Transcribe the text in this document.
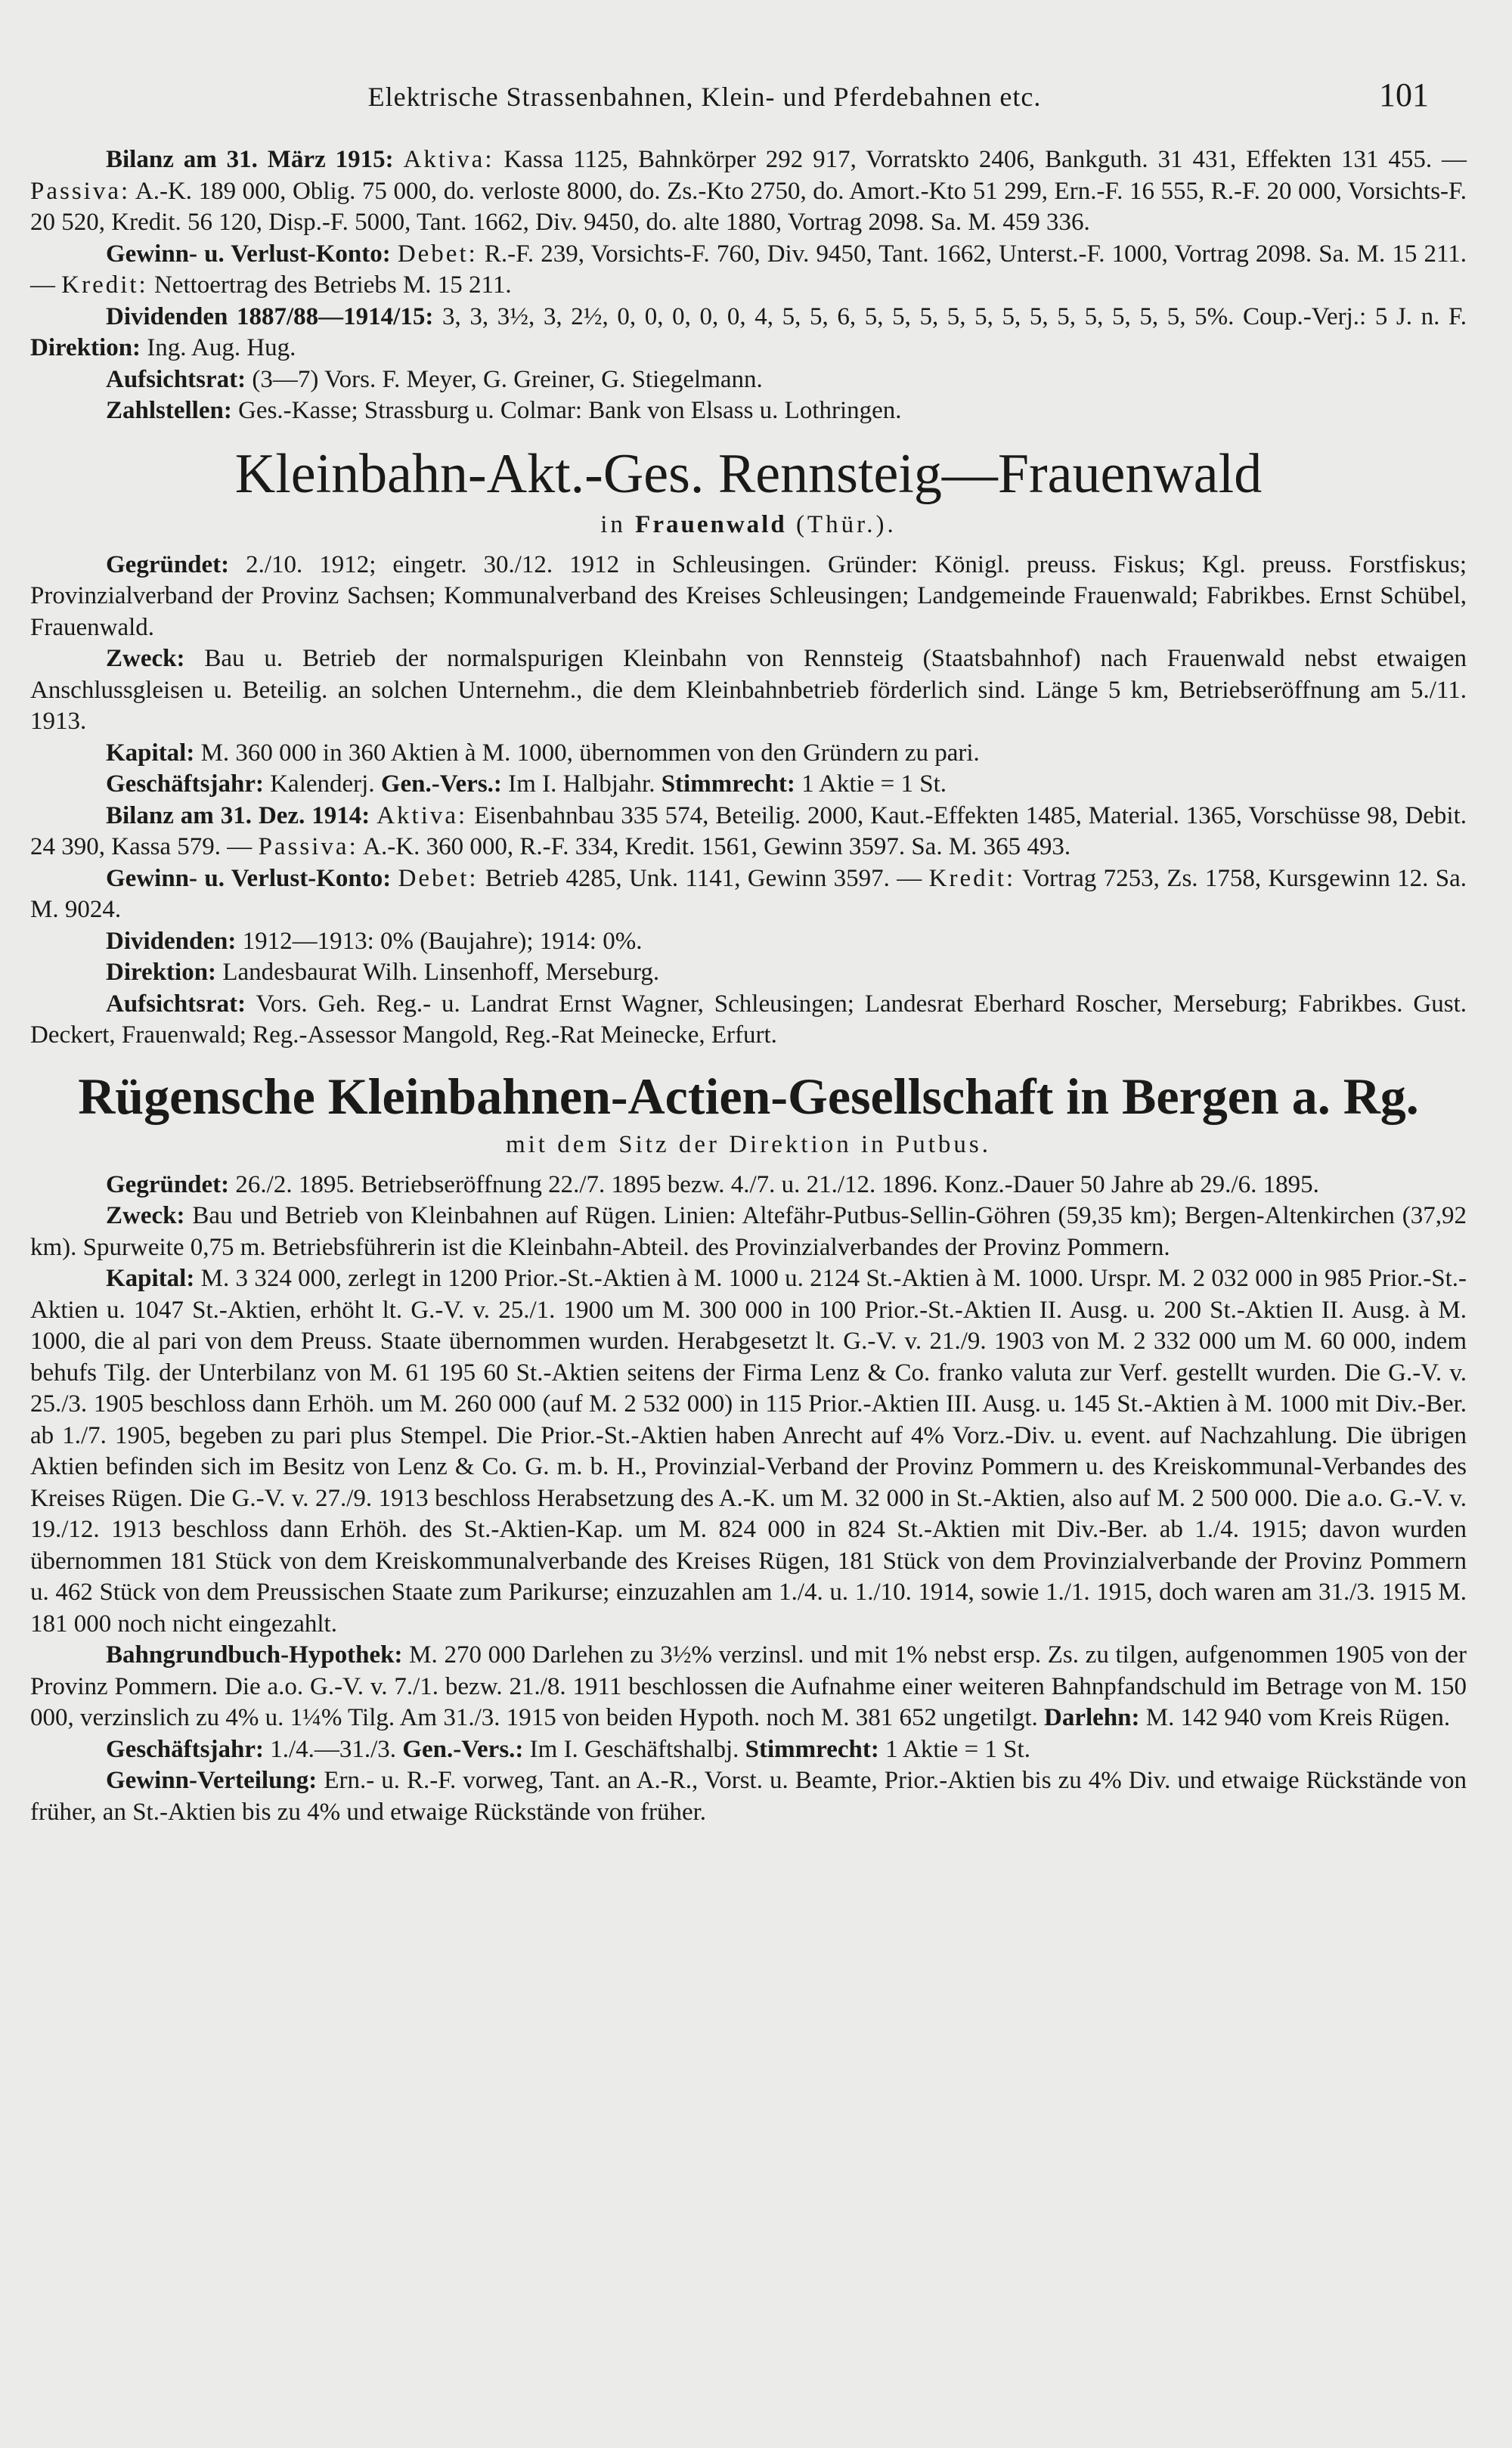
Elektrische Strassenbahnen, Klein- und Pferdebahnen etc.	101

Bilanz am 31. März 1915: Aktiva: Kassa 1125, Bahnkörper 292 917, Vorratskto 2406, Bankguth. 31 431, Effekten 131 455. — Passiva: A.-K. 189 000, Oblig. 75 000, do. verloste 8000, do. Zs.-Kto 2750, do. Amort.-Kto 51 299, Ern.-F. 16 555, R.-F. 20 000, Vorsichts-F. 20 520, Kredit. 56 120, Disp.-F. 5000, Tant. 1662, Div. 9450, do. alte 1880, Vortrag 2098. Sa. M. 459 336.

Gewinn- u. Verlust-Konto: Debet: R.-F. 239, Vorsichts-F. 760, Div. 9450, Tant. 1662, Unterst.-F. 1000, Vortrag 2098. Sa. M. 15 211. — Kredit: Nettoertrag des Betriebs M. 15 211.

Dividenden 1887/88—1914/15: 3, 3, 3½, 3, 2½, 0, 0, 0, 0, 0, 4, 5, 5, 6, 5, 5, 5, 5, 5, 5, 5, 5, 5, 5, 5, 5, 5%. Coup.-Verj.: 5 J. n. F. Direktion: Ing. Aug. Hug.

Aufsichtsrat: (3—7) Vors. F. Meyer, G. Greiner, G. Stiegelmann.

Zahlstellen: Ges.-Kasse; Strassburg u. Colmar: Bank von Elsass u. Lothringen.

Kleinbahn-Akt.-Ges. Rennsteig—Frauenwald
in Frauenwald (Thür.).

Gegründet: 2./10. 1912; eingetr. 30./12. 1912 in Schleusingen. Gründer: Königl. preuss. Fiskus; Kgl. preuss. Forstfiskus; Provinzialverband der Provinz Sachsen; Kommunalverband des Kreises Schleusingen; Landgemeinde Frauenwald; Fabrikbes. Ernst Schübel, Frauenwald.

Zweck: Bau u. Betrieb der normalspurigen Kleinbahn von Rennsteig (Staatsbahnhof) nach Frauenwald nebst etwaigen Anschlussgleisen u. Beteilig. an solchen Unternehm., die dem Kleinbahnbetrieb förderlich sind. Länge 5 km, Betriebseröffnung am 5./11. 1913.

Kapital: M. 360 000 in 360 Aktien à M. 1000, übernommen von den Gründern zu pari.

Geschäftsjahr: Kalenderj. Gen.-Vers.: Im I. Halbjahr. Stimmrecht: 1 Aktie = 1 St.

Bilanz am 31. Dez. 1914: Aktiva: Eisenbahnbau 335 574, Beteilig. 2000, Kaut.-Effekten 1485, Material. 1365, Vorschüsse 98, Debit. 24 390, Kassa 579. — Passiva: A.-K. 360 000, R.-F. 334, Kredit. 1561, Gewinn 3597. Sa. M. 365 493.

Gewinn- u. Verlust-Konto: Debet: Betrieb 4285, Unk. 1141, Gewinn 3597. — Kredit: Vortrag 7253, Zs. 1758, Kursgewinn 12. Sa. M. 9024.

Dividenden: 1912—1913: 0% (Baujahre); 1914: 0%.

Direktion: Landesbaurat Wilh. Linsenhoff, Merseburg.

Aufsichtsrat: Vors. Geh. Reg.- u. Landrat Ernst Wagner, Schleusingen; Landesrat Eberhard Roscher, Merseburg; Fabrikbes. Gust. Deckert, Frauenwald; Reg.-Assessor Mangold, Reg.-Rat Meinecke, Erfurt.

Rügensche Kleinbahnen-Actien-Gesellschaft in Bergen a. Rg.
mit dem Sitz der Direktion in Putbus.

Gegründet: 26./2. 1895. Betriebseröffnung 22./7. 1895 bezw. 4./7. u. 21./12. 1896. Konz.-Dauer 50 Jahre ab 29./6. 1895.

Zweck: Bau und Betrieb von Kleinbahnen auf Rügen. Linien: Altefähr-Putbus-Sellin-Göhren (59,35 km); Bergen-Altenkirchen (37,92 km). Spurweite 0,75 m. Betriebsführerin ist die Kleinbahn-Abteil. des Provinzialverbandes der Provinz Pommern.

Kapital: M. 3 324 000, zerlegt in 1200 Prior.-St.-Aktien à M. 1000 u. 2124 St.-Aktien à M. 1000. Urspr. M. 2 032 000 in 985 Prior.-St.-Aktien u. 1047 St.-Aktien, erhöht lt. G.-V. v. 25./1. 1900 um M. 300 000 in 100 Prior.-St.-Aktien II. Ausg. u. 200 St.-Aktien II. Ausg. à M. 1000, die al pari von dem Preuss. Staate übernommen wurden. Herabgesetzt lt. G.-V. v. 21./9. 1903 von M. 2 332 000 um M. 60 000, indem behufs Tilg. der Unterbilanz von M. 61 195 60 St.-Aktien seitens der Firma Lenz & Co. franko valuta zur Verf. gestellt wurden. Die G.-V. v. 25./3. 1905 beschloss dann Erhöh. um M. 260 000 (auf M. 2 532 000) in 115 Prior.-Aktien III. Ausg. u. 145 St.-Aktien à M. 1000 mit Div.-Ber. ab 1./7. 1905, begeben zu pari plus Stempel. Die Prior.-St.-Aktien haben Anrecht auf 4% Vorz.-Div. u. event. auf Nachzahlung. Die übrigen Aktien befinden sich im Besitz von Lenz & Co. G. m. b. H., Provinzial-Verband der Provinz Pommern u. des Kreiskommunal-Verbandes des Kreises Rügen. Die G.-V. v. 27./9. 1913 beschloss Herabsetzung des A.-K. um M. 32 000 in St.-Aktien, also auf M. 2 500 000. Die a.o. G.-V. v. 19./12. 1913 beschloss dann Erhöh. des St.-Aktien-Kap. um M. 824 000 in 824 St.-Aktien mit Div.-Ber. ab 1./4. 1915; davon wurden übernommen 181 Stück von dem Kreiskommunalverbande des Kreises Rügen, 181 Stück von dem Provinzialverbande der Provinz Pommern u. 462 Stück von dem Preussischen Staate zum Parikurse; einzuzahlen am 1./4. u. 1./10. 1914, sowie 1./1. 1915, doch waren am 31./3. 1915 M. 181 000 noch nicht eingezahlt.

Bahngrundbuch-Hypothek: M. 270 000 Darlehen zu 3½% verzinsl. und mit 1% nebst ersp. Zs. zu tilgen, aufgenommen 1905 von der Provinz Pommern. Die a.o. G.-V. v. 7./1. bezw. 21./8. 1911 beschlossen die Aufnahme einer weiteren Bahnpfandschuld im Betrage von M. 150 000, verzinslich zu 4% u. 1¼% Tilg. Am 31./3. 1915 von beiden Hypoth. noch M. 381 652 ungetilgt. Darlehn: M. 142 940 vom Kreis Rügen.

Geschäftsjahr: 1./4.—31./3. Gen.-Vers.: Im I. Geschäftshalbj. Stimmrecht: 1 Aktie = 1 St.

Gewinn-Verteilung: Ern.- u. R.-F. vorweg, Tant. an A.-R., Vorst. u. Beamte, Prior.-Aktien bis zu 4% Div. und etwaige Rückstände von früher, an St.-Aktien bis zu 4% und etwaige Rückstände von früher.
